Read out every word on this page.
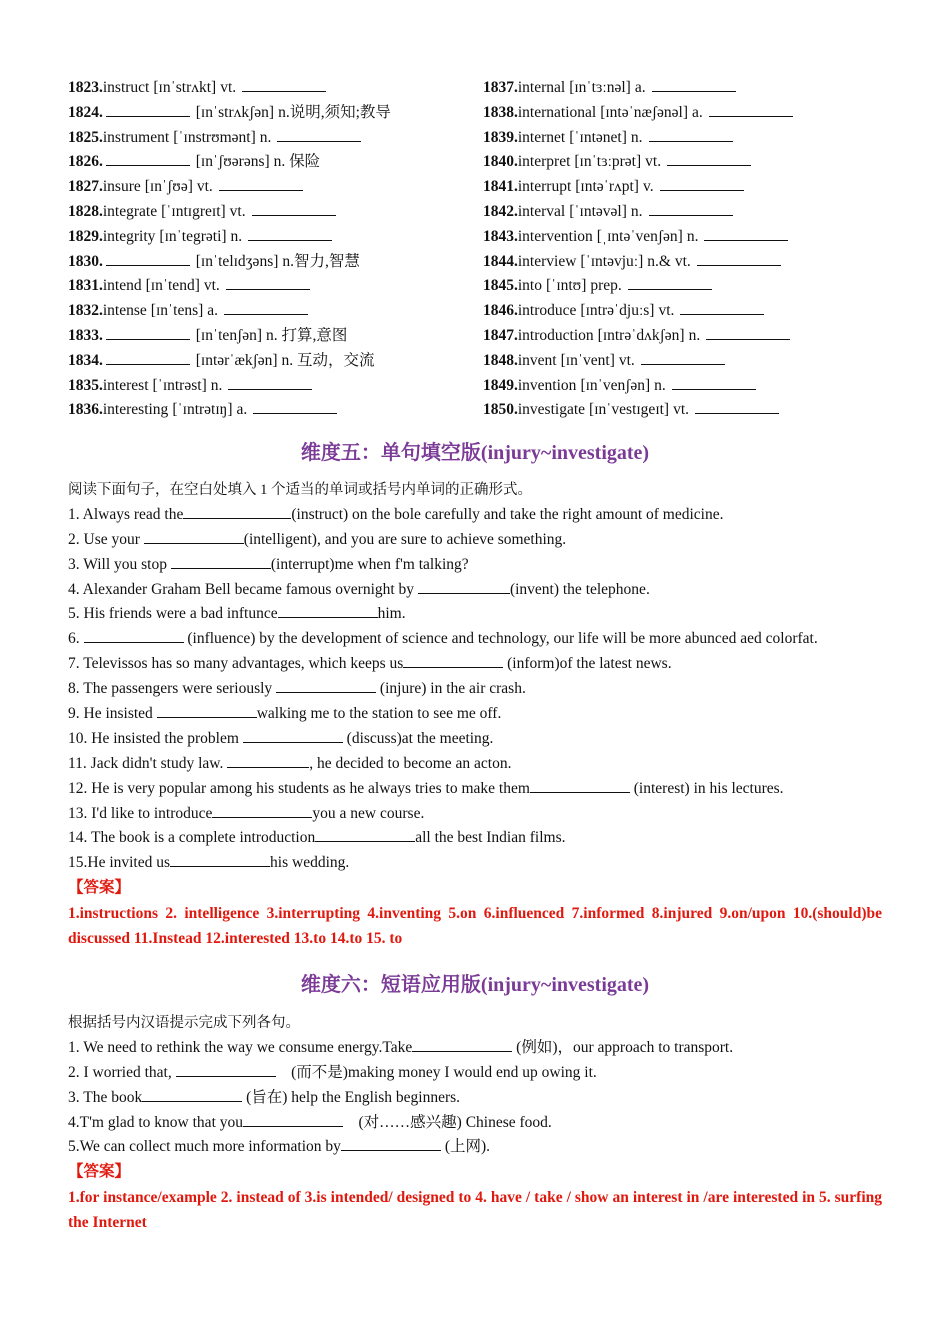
1823.instruct [ɪnˈstrʌkt] vt.	1837.internal [ɪnˈtɜːnəl] a.
1824.	[ɪnˈstrʌkʃən] n.说明,须知;教导	1838.international [ɪntəˈnæʃənəl] a.
1825.instrument [ˈɪnstrʊmənt] n.	1839.internet [ˈɪntənet] n.
1826.	[ɪnˈʃʊərəns] n. 保险	1840.interpret [ɪnˈtɜːprət] vt.
1827.insure [ɪnˈʃʊə] vt.	1841.interrupt [ɪntəˈrʌpt] v.
1828.integrate [ˈɪntɪgreɪt] vt.	1842.interval [ˈɪntəvəl] n.
1829.integrity [ɪnˈtegrəti] n.	1843.intervention [ˌɪntəˈvenʃən] n.
1830.	[ɪnˈtelɪdʒəns] n.智力,智慧	1844.interview [ˈɪntəvjuː] n.& vt.
1831.intend [ɪnˈtend] vt.	1845.into [ˈɪntʊ] prep.
1832.intense [ɪnˈtens] a.	1846.introduce [ɪntrəˈdjuːs] vt.
1833.	[ɪnˈtenʃən] n. 打算,意图	1847.introduction [ɪntrəˈdʌkʃən] n.
1834.	[ɪntərˈækʃən] n. 互动，交流	1848.invent [ɪnˈvent] vt.
1835.interest [ˈɪntrəst] n.	1849.invention [ɪnˈvenʃən] n.
1836.interesting [ˈɪntrətɪŋ] a.	1850.investigate [ɪnˈvestɪgeɪt] vt.
维度五：单句填空版(injury~investigate)
阅读下面句子，在空白处填入 1 个适当的单词或括号内单词的正确形式。
1. Always read the	(instruct) on the bole carefully and take the right amount of medicine.
2. Use your	(intelligent), and you are sure to achieve something.
3. Will you stop	(interrupt)me when f'm talking?
4. Alexander Graham Bell became famous overnight by	(invent) the telephone.
5. His friends were a bad inftunce	him.
6.	(influence) by the development of science and technology, our life will be more abunced aed colorfat.
7. Televissos has so many advantages, which keeps us	(inform)of the latest news.
8. The passengers were seriously	(injure) in the air crash.
9. He insisted	walking me to the station to see me off.
10. He insisted the problem	(discuss)at the meeting.
11. Jack didn't study law.	, he decided to become an acton.
12. He is very popular among his students as he always tries to make them	(interest) in his lectures.
13. I'd like to introduce	you a new course.
14. The book is a complete introduction	all the best Indian films.
15.He invited us	his wedding.
【答案】
1.instructions 2. intelligence 3.interrupting 4.inventing 5.on 6.influenced 7.informed 8.injured 9.on/upon 10.(should)be discussed 11.Instead 12.interested 13.to 14.to 15. to
维度六：短语应用版(injury~investigate)
根据括号内汉语提示完成下列各句。
1. We need to rethink the way we consume energy.Take	(例如)，our approach to transport.
2. I worried that,	(而不是)making money I would end up owing it.
3. The book	(旨在) help the English beginners.
4.T'm glad to know that you	(对……感兴趣) Chinese food.
5.We can collect much more information by	(上网).
【答案】
1.for instance/example 2. instead of 3.is intended/ designed to 4. have / take / show an interest in /are interested in 5. surfing the Internet
